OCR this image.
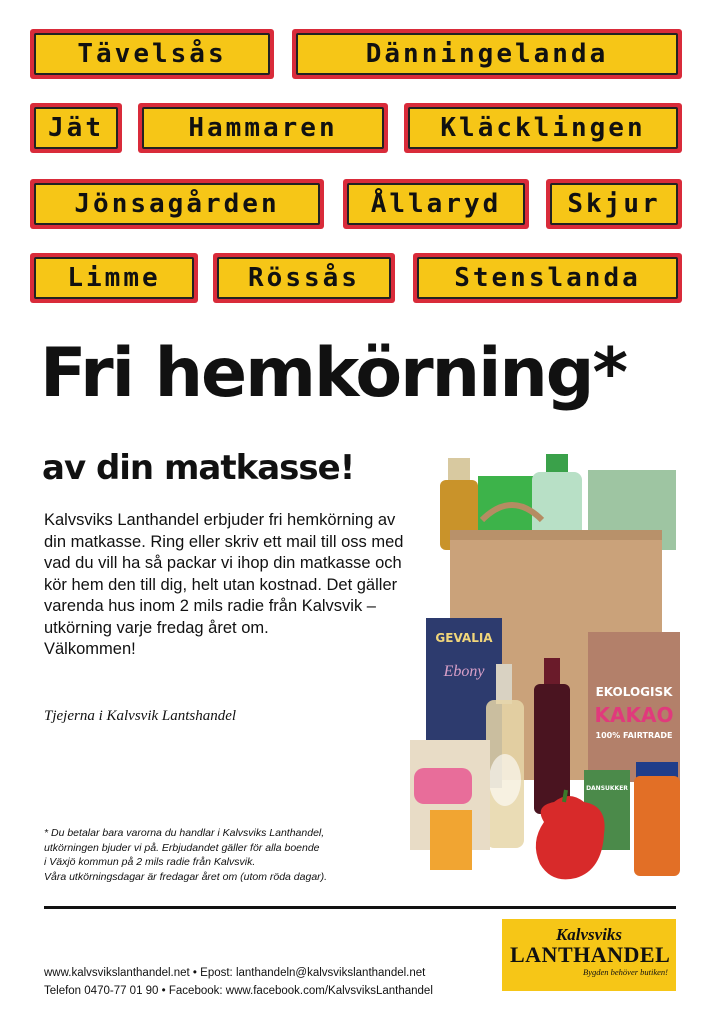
Tävelsås	Dänningelanda
Jät	Hammaren	Kläcklingen
Jönsagården	Ållaryd	Skjur
Limme	Rössås	Stenslanda
Fri hemkörning*
av din matkasse!

Kalvsviks Lanthandel erbjuder fri hemkörning av din matkasse. Ring eller skriv ett mail till oss med vad du vill ha så packar vi ihop din matkasse och kör hem den till dig, helt utan kostnad. Det gäller varenda hus inom 2 mils radie från Kalvsvik – utkörning varje fredag året om.

Välkommen!

Tjejerna i Kalvsvik Lantshandel
GEVALIA
Ebony
EKOLOGISK
KAKAO
100% FAIRTRADE
DANSUKKER
* Du betalar bara varorna du handlar i Kalvsviks Lanthandel,
utkörningen bjuder vi på. Erbjudandet gäller för alla boende
i Växjö kommun på 2 mils radie från Kalvsvik.
Våra utkörningsdagar är fredagar året om (utom röda dagar).
www.kalvsvikslanthandel.net • Epost: lanthandeln@kalvsvikslanthandel.net
Telefon 0470-77 01 90 • Facebook: www.facebook.com/KalvsviksLanthandel
Kalvsviks
LANTHANDEL
Bygden behöver butiken!
